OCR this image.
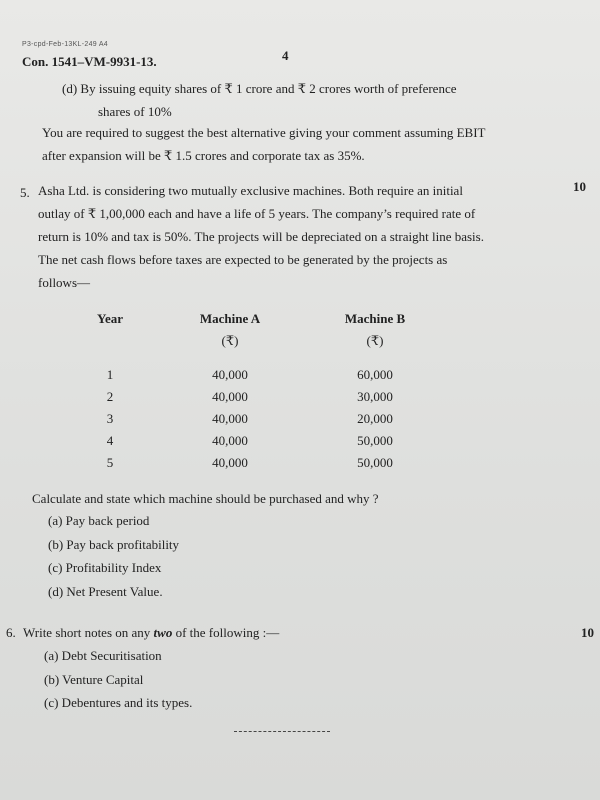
P3-cpd-Feb-13KL-249 A4
Con. 1541–VM-9931-13.	4

(d) By issuing equity shares of ₹ 1 crore and ₹ 2 crores worth of preference

shares of 10%

You are required to suggest the best alternative giving your comment assuming EBIT

after expansion will be ₹ 1.5 crores and corporate tax as 35%.

5.	10

Asha Ltd. is considering two mutually exclusive machines. Both require an initial

outlay of ₹ 1,00,000 each and have a life of 5 years. The company’s required rate of

return is 10% and tax is 50%. The projects will be depreciated on a straight line basis.

The net cash flows before taxes are expected to be generated by the projects as

follows—

Year	Machine A	Machine B
	(₹)	(₹)

1	40,000	60,000
2	40,000	30,000
3	40,000	20,000
4	40,000	50,000
5	40,000	50,000
Calculate and state which machine should be purchased and why ?
(a) Pay back period
(b) Pay back profitability
(c) Profitability Index
(d) Net Present Value.
6. Write short notes on any two of the following :—	10
(a) Debt Securitisation
(b) Venture Capital
(c) Debentures and its types.
